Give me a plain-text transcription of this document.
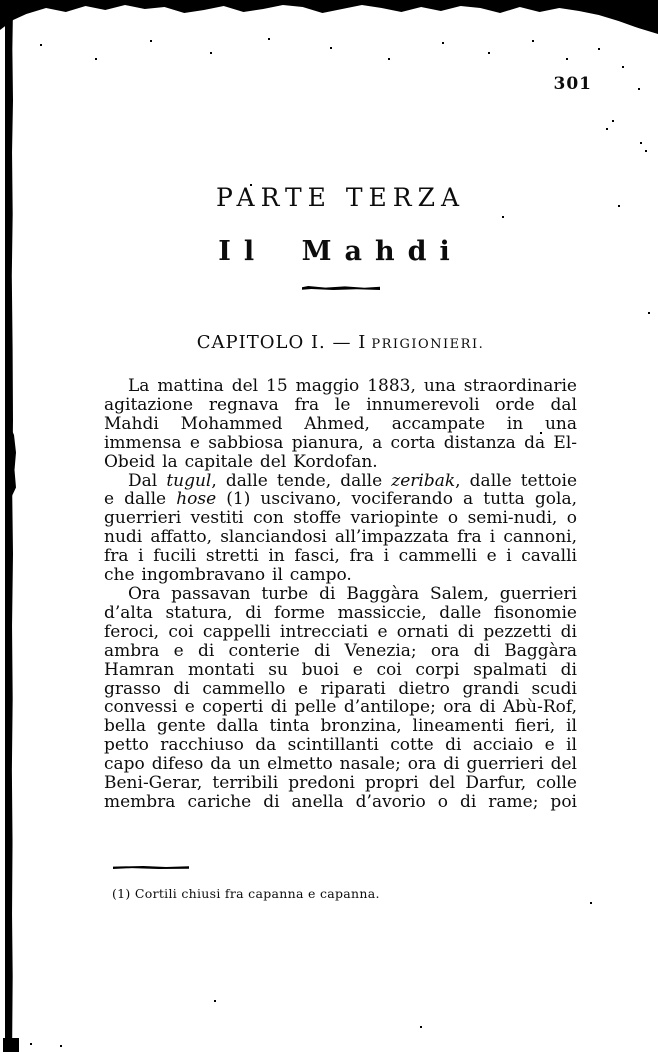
301
PARTE TERZA
Il Mahdi
CAPITOLO I. — I PRIGIONIERI.

La mattina del 15 maggio 1883, una straordinarie agitazione regnava fra le innumerevoli orde dal Mahdi Mohammed Ahmed, accampate in una immensa e sabbiosa pianura, a corta distanza da El-Obeid la capitale del Kordofan.

Dal tugul, dalle tende, dalle zeribak, dalle tettoie e dalle hose (1) uscivano, vociferando a tutta gola, guerrieri vestiti con stoffe variopinte o semi-nudi, o nudi affatto, slanciandosi all’impazzata fra i cannoni, fra i fucili stretti in fasci, fra i cammelli e i cavalli che ingombravano il campo.

Ora passavan turbe di Baggàra Salem, guerrieri d’alta statura, di forme massiccie, dalle fisonomie feroci, coi cappelli intrecciati e ornati di pezzetti di ambra e di conterie di Venezia; ora di Baggàra Hamran montati su buoi e coi corpi spalmati di grasso di cammello e riparati dietro grandi scudi convessi e coperti di pelle d’antilope; ora di Abù-Rof, bella gente dalla tinta bronzina, lineamenti fieri, il petto racchiuso da scintillanti cotte di acciaio e il capo difeso da un elmetto nasale; ora di guerrieri del Beni-Gerar, terribili predoni propri del Darfur, colle membra cariche di anella d’avorio o di rame; poi

(1) Cortili chiusi fra capanna e capanna.
